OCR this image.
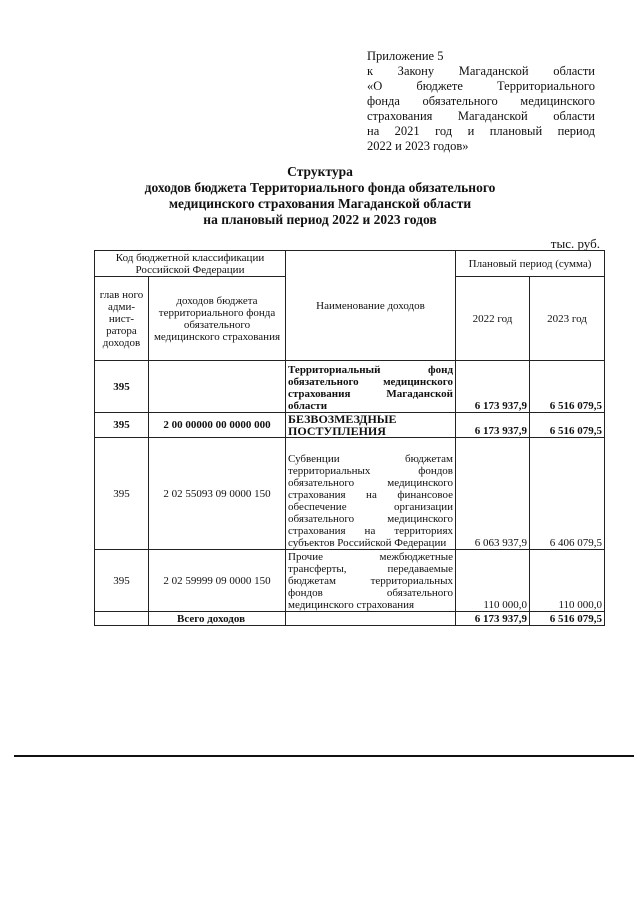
Приложение 5
к Закону Магаданской области
«О бюджете Территориального
фонда обязательного медицинского
страхования Магаданской области
на 2021 год и плановый период
2022 и 2023 годов»
Структура
доходов бюджета Территориального фонда обязательного
медицинского страхования Магаданской области
на плановый период 2022 и 2023 годов
тыс. руб.
Код бюджетной классификации Российской Федерации		Наименование доходов	Плановый период (сумма)	
глав ного адми- нист- ратора доходов	доходов бюджета территориального фонда обязательного медицинского страхования		2022 год	2023 год
395		Территориальный фонд обязательного медицинского страхования Магаданской области	6 173 937,9	6 516 079,5
395	2 00 00000 00 0000 000	БЕЗВОЗМЕЗДНЫЕ ПОСТУПЛЕНИЯ	6 173 937,9	6 516 079,5
395	2 02 55093 09 0000 150	Субвенции бюджетам территориальных фондов обязательного медицинского страхования на финансовое обеспечение организации обязательного медицинского страхования на территориях субъектов Российской Федерации	6 063 937,9	6 406 079,5
395	2 02 59999 09 0000 150	Прочие межбюджетные трансферты, передаваемые бюджетам территориальных фондов обязательного медицинского страхования	110 000,0	110 000,0
	Всего доходов		6 173 937,9	6 516 079,5
